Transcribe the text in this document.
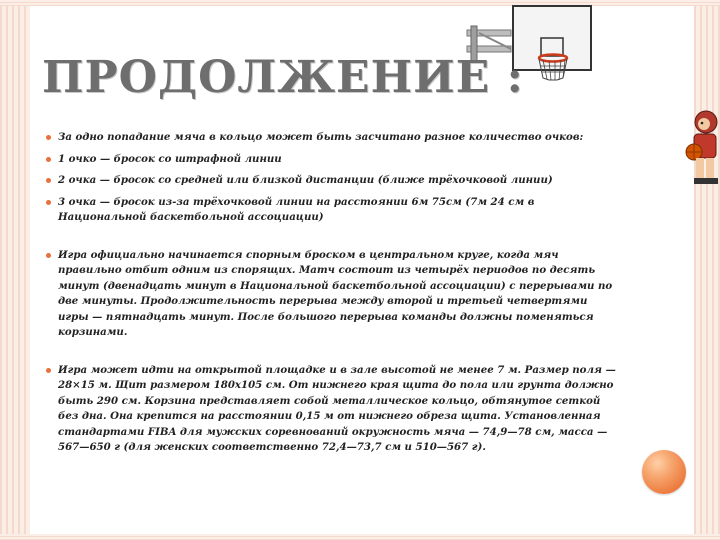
ПРОДОЛЖЕНИЕ :

За одно попадание мяча в кольцо может быть засчитано разное количество очков:

1 очко — бросок со штрафной линии

2 очка — бросок со средней или близкой дистанции (ближе трёхочковой линии)

3 очка — бросок из-за трёхочковой линии на расстоянии 6м 75см (7м 24 см в Национальной баскетбольной ассоциации)

Игра официально начинается спорным броском в центральном круге, когда мяч правильно отбит одним из спорящих. Матч состоит из четырёх периодов по десять минут (двенадцать минут в Национальной баскетбольной ассоциации) с перерывами по две минуты. Продолжительность перерыва между второй и третьей четвертями игры — пятнадцать минут. После большого перерыва команды должны поменяться корзинами.

Игра может идти на открытой площадке и в зале высотой не менее 7 м. Размер поля — 28×15 м. Щит размером 180x105 см. От нижнего края щита до пола или грунта должно быть 290 см. Корзина представляет собой металлическое кольцо, обтянутое сеткой без дна. Она крепится на расстоянии 0,15 м от нижнего обреза щита. Установленная стандартами FIBA для мужских соревнований окружность мяча — 74,9—78 см, масса — 567—650 г (для женских соответственно 72,4—73,7 см и 510—567 г).
